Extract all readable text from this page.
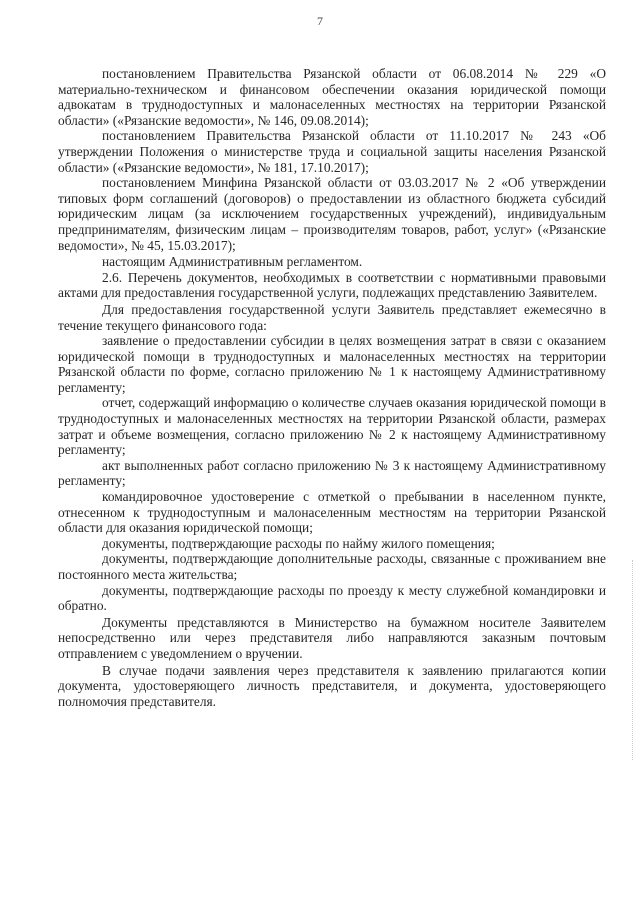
7

постановлением Правительства Рязанской области от 06.08.2014 № 229 «О материально-техническом и финансовом обеспечении оказания юридической помощи адвокатам в труднодоступных и малонаселенных местностях на территории Рязанской области» («Рязанские ведомости», № 146, 09.08.2014);

постановлением Правительства Рязанской области от 11.10.2017 № 243 «Об утверждении Положения о министерстве труда и социальной защиты населения Рязанской области» («Рязанские ведомости», № 181, 17.10.2017);

постановлением Минфина Рязанской области от 03.03.2017 № 2 «Об утверждении типовых форм соглашений (договоров) о предоставлении из областного бюджета субсидий юридическим лицам (за исключением государственных учреждений), индивидуальным предпринимателям, физическим лицам – производителям товаров, работ, услуг» («Рязанские ведомости», № 45, 15.03.2017);

настоящим Административным регламентом.

2.6. Перечень документов, необходимых в соответствии с нормативными правовыми актами для предоставления государственной услуги, подлежащих представлению Заявителем.

Для предоставления государственной услуги Заявитель представляет ежемесячно в течение текущего финансового года:

заявление о предоставлении субсидии в целях возмещения затрат в связи с оказанием юридической помощи в труднодоступных и малонаселенных местностях на территории Рязанской области по форме, согласно приложению № 1 к настоящему Административному регламенту;

отчет, содержащий информацию о количестве случаев оказания юридической помощи в труднодоступных и малонаселенных местностях на территории Рязанской области, размерах затрат и объеме возмещения, согласно приложению № 2 к настоящему Административному регламенту;

акт выполненных работ согласно приложению № 3 к настоящему Административному регламенту;

командировочное удостоверение с отметкой о пребывании в населенном пункте, отнесенном к труднодоступным и малонаселенным местностям на территории Рязанской области для оказания юридической помощи;

документы, подтверждающие расходы по найму жилого помещения;

документы, подтверждающие дополнительные расходы, связанные с проживанием вне постоянного места жительства;

документы, подтверждающие расходы по проезду к месту служебной командировки и обратно.

Документы представляются в Министерство на бумажном носителе Заявителем непосредственно или через представителя либо направляются заказным почтовым отправлением с уведомлением о вручении.

В случае подачи заявления через представителя к заявлению прилагаются копии документа, удостоверяющего личность представителя, и документа, удостоверяющего полномочия представителя.
